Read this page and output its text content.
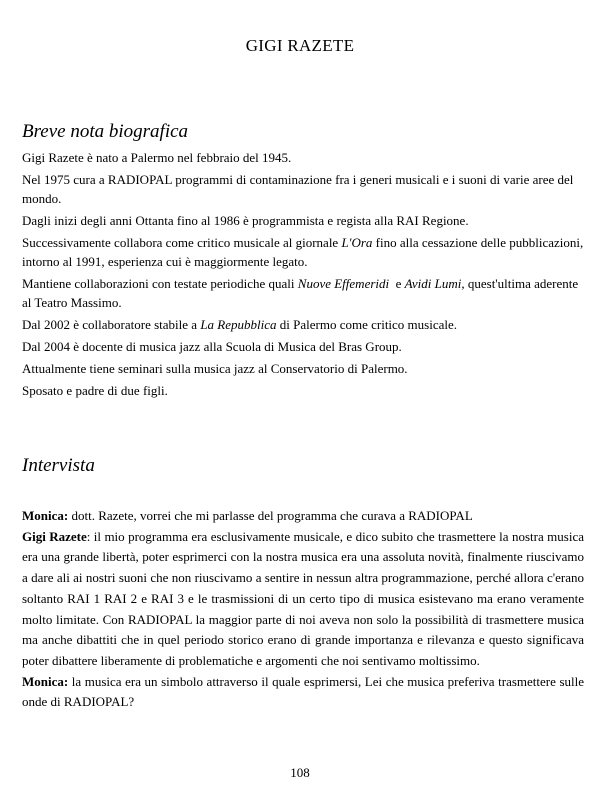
GIGI RAZETE
Breve nota biografica

Gigi Razete è nato a Palermo nel febbraio del 1945.

Nel 1975 cura a RADIOPAL programmi di contaminazione fra i generi musicali e i suoni di varie aree del mondo.

Dagli inizi degli anni Ottanta fino al 1986 è programmista e regista alla RAI Regione.

Successivamente collabora come critico musicale al giornale L'Ora fino alla cessazione delle pubblicazioni, intorno al 1991, esperienza cui è maggiormente legato.

Mantiene collaborazioni con testate periodiche quali Nuove Effemeridi  e Avidi Lumi, quest'ultima aderente al Teatro Massimo.

Dal 2002 è collaboratore stabile a La Repubblica di Palermo come critico musicale.

Dal 2004 è docente di musica jazz alla Scuola di Musica del Bras Group.

Attualmente tiene seminari sulla musica jazz al Conservatorio di Palermo.

Sposato e padre di due figli.

Intervista

Monica: dott. Razete, vorrei che mi parlasse del programma che curava a RADIOPAL

Gigi Razete: il mio programma era esclusivamente musicale, e dico subito che trasmettere la nostra musica era una grande libertà, poter esprimerci con la nostra musica era una assoluta novità, finalmente riuscivamo a dare ali ai nostri suoni che non riuscivamo a sentire in nessun altra programmazione, perché allora c'erano soltanto RAI 1 RAI 2 e RAI 3 e le trasmissioni di un certo tipo di musica esistevano ma erano veramente molto limitate. Con RADIOPAL la maggior parte di noi aveva non solo la possibilità di trasmettere musica ma anche dibattiti che in quel periodo storico erano di grande importanza e rilevanza e questo significava poter dibattere liberamente di problematiche e argomenti che noi sentivamo moltissimo.

Monica: la musica era un simbolo attraverso il quale esprimersi, Lei che musica preferiva trasmettere sulle onde di RADIOPAL?

108
